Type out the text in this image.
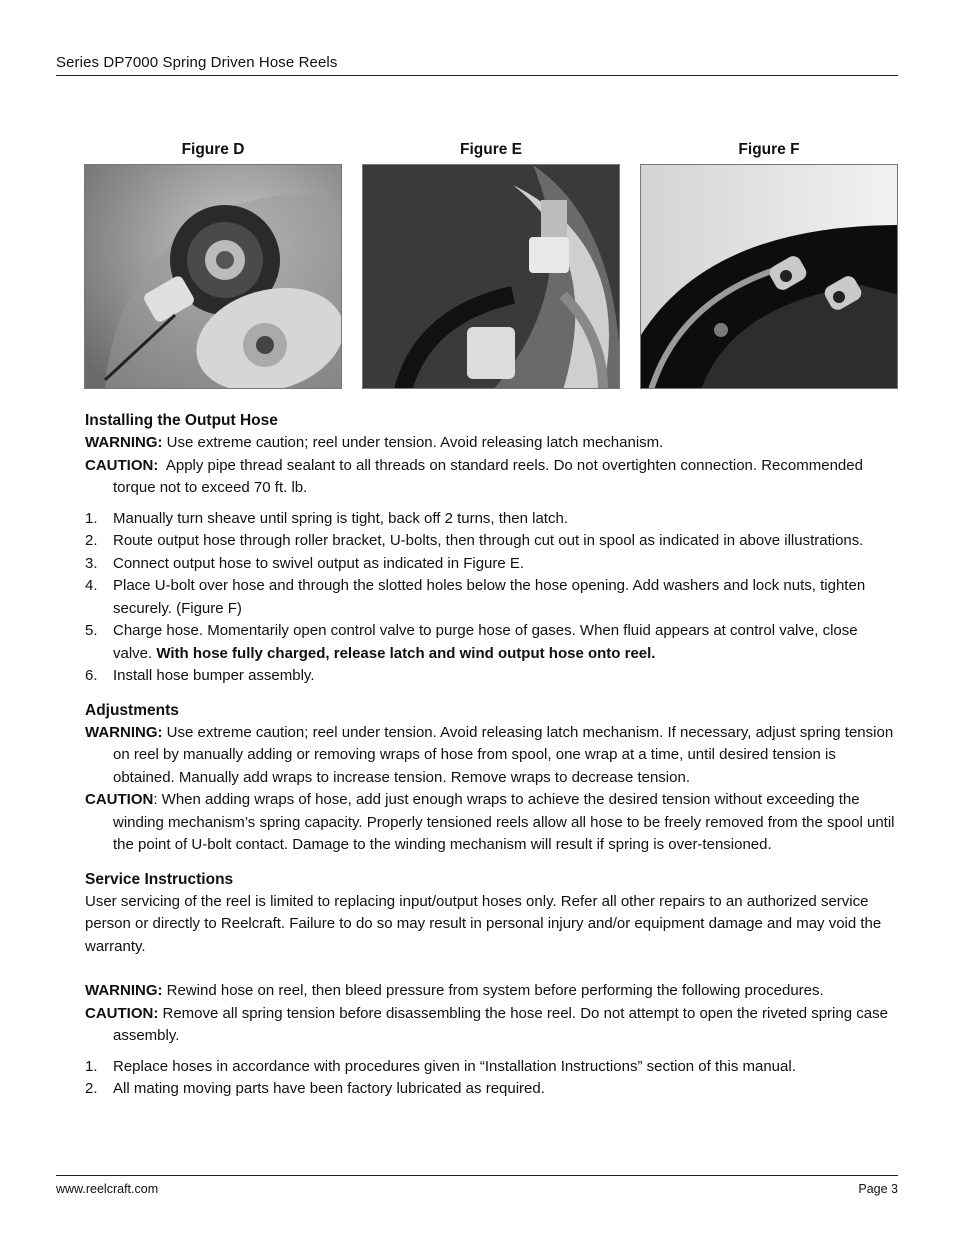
Series DP7000 Spring Driven Hose Reels
Figure D	Figure E	Figure F
Installing the Output Hose

WARNING: Use extreme caution; reel under tension. Avoid releasing latch mechanism.

CAUTION: Apply pipe thread sealant to all threads on standard reels. Do not overtighten connection. Recommended torque not to exceed 70 ft. lb.

1. Manually turn sheave until spring is tight, back off 2 turns, then latch.
2. Route output hose through roller bracket, U-bolts, then through cut out in spool as indicated in above illustrations.
3. Connect output hose to swivel output as indicated in Figure E.
4. Place U-bolt over hose and through the slotted holes below the hose opening. Add washers and lock nuts, tighten securely. (Figure F)
5. Charge hose. Momentarily open control valve to purge hose of gases. When fluid appears at control valve, close valve. With hose fully charged, release latch and wind output hose onto reel.
6. Install hose bumper assembly.
Adjustments

WARNING: Use extreme caution; reel under tension. Avoid releasing latch mechanism. If necessary, adjust spring tension on reel by manually adding or removing wraps of hose from spool, one wrap at a time, until desired tension is obtained. Manually add wraps to increase tension. Remove wraps to decrease tension.

CAUTION: When adding wraps of hose, add just enough wraps to achieve the desired tension without exceeding the winding mechanism’s spring capacity. Properly tensioned reels allow all hose to be freely removed from the spool until the point of U-bolt contact. Damage to the winding mechanism will result if spring is over-tensioned.

Service Instructions

User servicing of the reel is limited to replacing input/output hoses only. Refer all other repairs to an authorized service person or directly to Reelcraft. Failure to do so may result in personal injury and/or equipment damage and may void the warranty.

WARNING: Rewind hose on reel, then bleed pressure from system before performing the following procedures.

CAUTION: Remove all spring tension before disassembling the hose reel. Do not attempt to open the riveted spring case assembly.

1. Replace hoses in accordance with procedures given in “Installation Instructions” section of this manual.
2. All mating moving parts have been factory lubricated as required.
www.reelcraft.com	Page 3
